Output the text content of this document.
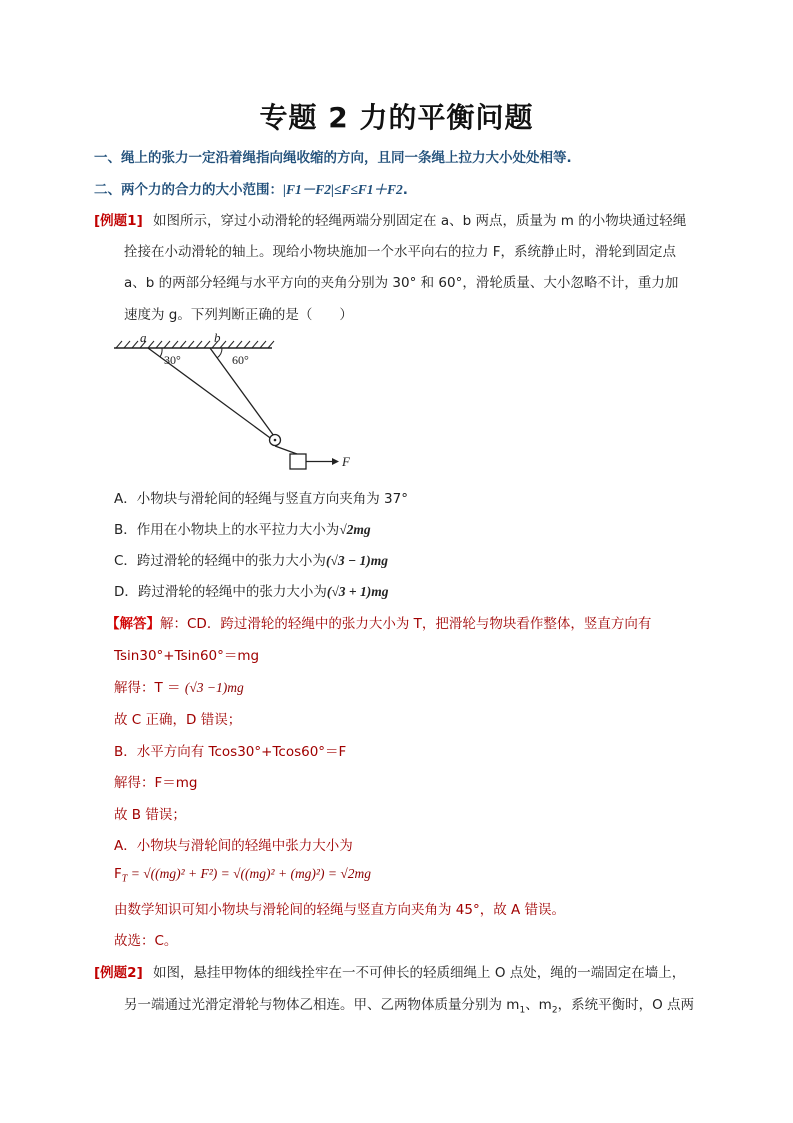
专题 2 力的平衡问题
一、绳上的张力一定沿着绳指向绳收缩的方向，且同一条绳上拉力大小处处相等.
二、两个力的合力的大小范围：|F1－F2|≤F≤F1＋F2.
[例题1] 如图所示，穿过小动滑轮的轻绳两端分别固定在 a、b 两点，质量为 m 的小物块通过轻绳
拴接在小动滑轮的轴上。现给小物块施加一个水平向右的拉力 F，系统静止时，滑轮到固定点
a、b 的两部分轻绳与水平方向的夹角分别为 30° 和 60°，滑轮质量、大小忽略不计，重力加
速度为 g。下列判断正确的是（　　）
a	b
30°	60°
F
A．小物块与滑轮间的轻绳与竖直方向夹角为 37°
B．作用在小物块上的水平拉力大小为√2mg
C．跨过滑轮的轻绳中的张力大小为(√3 − 1)mg
D．跨过滑轮的轻绳中的张力大小为(√3 + 1)mg
【解答】解：CD．跨过滑轮的轻绳中的张力大小为 T，把滑轮与物块看作整体，竖直方向有
Tsin30°+Tsin60°＝mg
解得：T ＝ (√3 −1)mg
故 C 正确，D 错误；
B．水平方向有 Tcos30°+Tcos60°＝F
解得：F＝mg
故 B 错误；
A．小物块与滑轮间的轻绳中张力大小为
$F_T = √((mg)^2 + F^2) = √((mg)^2 + (mg)^2) = √2mg$
由数学知识可知小物块与滑轮间的轻绳与竖直方向夹角为 45°，故 A 错误。
故选：C。
[例题2] 如图，悬挂甲物体的细线拴牢在一不可伸长的轻质细绳上 O 点处，绳的一端固定在墙上，
另一端通过光滑定滑轮与物体乙相连。甲、乙两物体质量分别为 $m_1$、$m_2$，系统平衡时，O 点两
